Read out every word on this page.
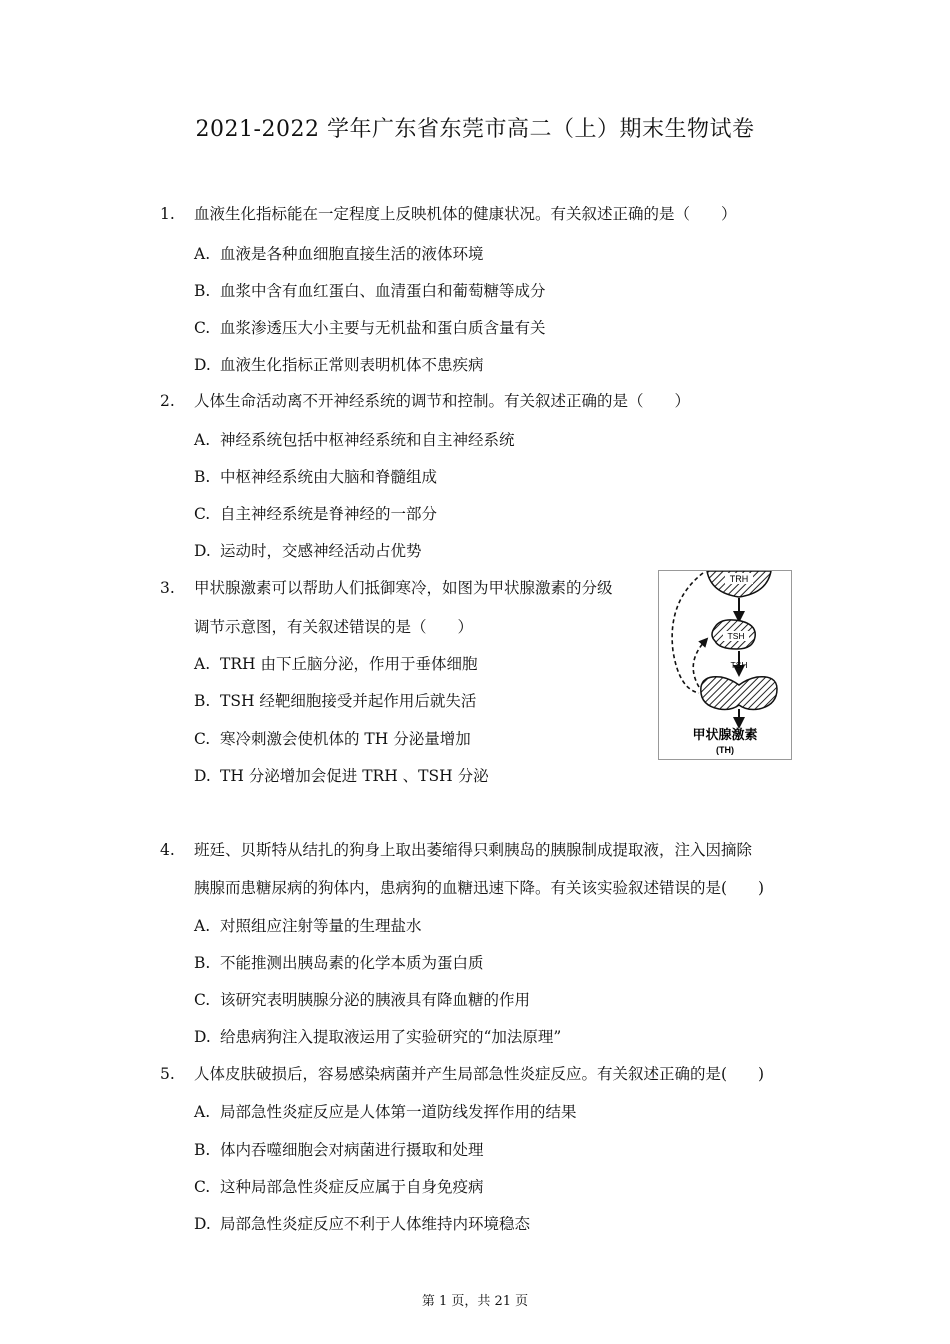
2021-2022 学年广东省东莞市高二（上）期末生物试卷
1. 血液生化指标能在一定程度上反映机体的健康状况。有关叙述正确的是（　　）
A. 血液是各种血细胞直接生活的液体环境
B. 血浆中含有血红蛋白、血清蛋白和葡萄糖等成分
C. 血浆渗透压大小主要与无机盐和蛋白质含量有关
D. 血液生化指标正常则表明机体不患疾病
2. 人体生命活动离不开神经系统的调节和控制。有关叙述正确的是（　　）
A. 神经系统包括中枢神经系统和自主神经系统
B. 中枢神经系统由大脑和脊髓组成
C. 自主神经系统是脊神经的一部分
D. 运动时，交感神经活动占优势
3. 甲状腺激素可以帮助人们抵御寒冷，如图为甲状腺激素的分级
调节示意图，有关叙述错误的是（　　）
A. TRH 由下丘脑分泌，作用于垂体细胞
B. TSH 经靶细胞接受并起作用后就失活
C. 寒冷刺激会使机体的 TH 分泌量增加
D. TH 分泌增加会促进 TRH 、TSH 分泌
TRH
TSH
TSH
甲状腺激素
(TH)
4. 班廷、贝斯特从结扎的狗身上取出萎缩得只剩胰岛的胰腺制成提取液，注入因摘除
胰腺而患糖尿病的狗体内，患病狗的血糖迅速下降。有关该实验叙述错误的是(　　)
A. 对照组应注射等量的生理盐水
B. 不能推测出胰岛素的化学本质为蛋白质
C. 该研究表明胰腺分泌的胰液具有降血糖的作用
D. 给患病狗注入提取液运用了实验研究的“加法原理”
5. 人体皮肤破损后，容易感染病菌并产生局部急性炎症反应。有关叙述正确的是(　　)
A. 局部急性炎症反应是人体第一道防线发挥作用的结果
B. 体内吞噬细胞会对病菌进行摄取和处理
C. 这种局部急性炎症反应属于自身免疫病
D. 局部急性炎症反应不利于人体维持内环境稳态
第 1 页，共 21 页
